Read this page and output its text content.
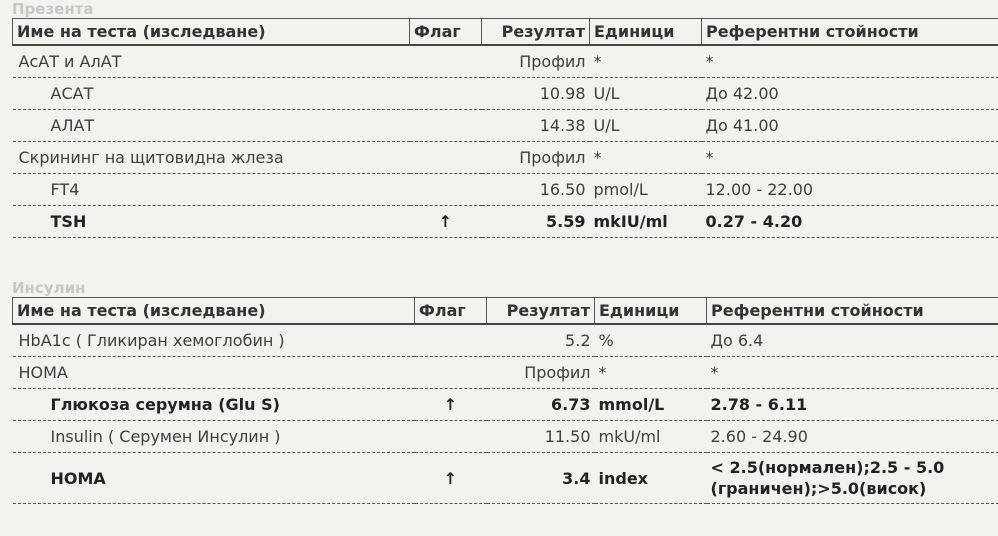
Презента
Име на теста (изследване)	Флаг	Резултат	Единици	Референтни стойности
АсАТ и АлАТ		Профил	*	*
АСАТ		10.98	U/L	До 42.00
АЛАТ		14.38	U/L	До 41.00
Скрининг на щитовидна жлеза		Профил	*	*
FT4		16.50	pmol/L	12.00 - 22.00
TSH	↑	5.59	mkIU/ml	0.27 - 4.20
Инсулин
Име на теста (изследване)	Флаг	Резултат	Единици	Референтни стойности
HbA1c ( Гликиран хемоглобин )		5.2	%	До 6.4
HOMA		Профил	*	*
Глюкоза серумна (Glu S)	↑	6.73	mmol/L	2.78 - 6.11
Insulin ( Серумен Инсулин )		11.50	mkU/ml	2.60 - 24.90
HOMA	↑	3.4	index	< 2.5(нормален);2.5 - 5.0 (граничен);>5.0(висок)
